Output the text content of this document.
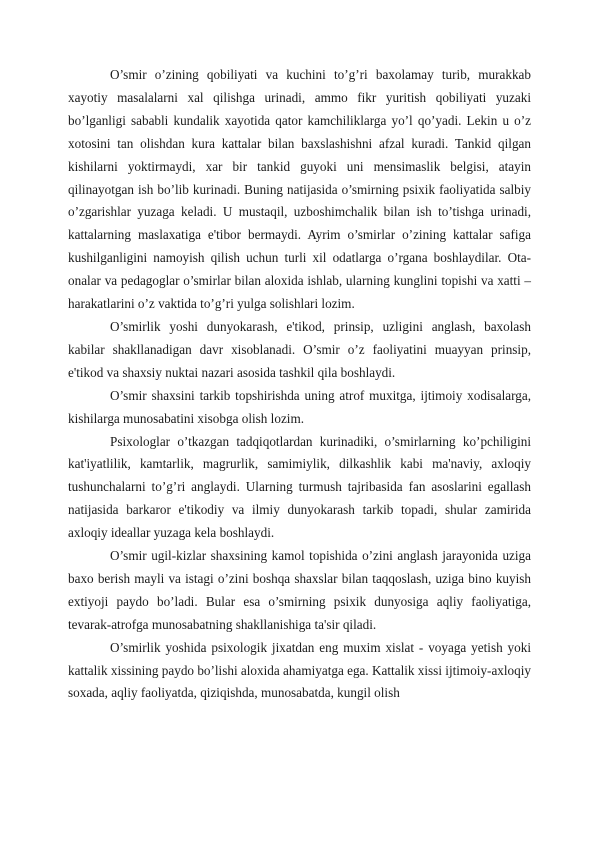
O’smir o’zining qobiliyati va kuchini to’g’ri baxolamay turib, murakkab xayotiy masalalarni xal qilishga urinadi, ammo fikr yuritish qobiliyati yuzaki bo’lganligi sababli kundalik xayotida qator kamchiliklarga yo’l qo’yadi. Lekin u o’z xotosini tan olishdan kura kattalar bilan baxslashishni afzal kuradi. Tankid qilgan kishilarni yoktirmaydi, xar bir tankid guyoki uni mensimaslik belgisi, atayin qilinayotgan ish bo’lib kurinadi. Buning natijasida o’smirning psixik faoliyatida salbiy o’zgarishlar yuzaga keladi. U mustaqil, uzboshimchalik bilan ish to’tishga urinadi, kattalarning maslaxatiga e'tibor bermaydi. Ayrim o’smirlar o’zining kattalar safiga kushilganligini namoyish qilish uchun turli xil odatlarga o’rgana boshlaydilar. Ota-onalar va pedagoglar o’smirlar bilan aloxida ishlab, ularning kunglini topishi va xatti –harakatlarini o’z vaktida to’g’ri yulga solishlari lozim.

O’smirlik yoshi dunyokarash, e'tikod, prinsip, uzligini anglash, baxolash kabilar shakllanadigan davr xisoblanadi. O’smir o’z faoliyatini muayyan prinsip, e'tikod va shaxsiy nuktai nazari asosida tashkil qila boshlaydi.

O’smir shaxsini tarkib topshirishda uning atrof muxitga, ijtimoiy xodisalarga, kishilarga munosabatini xisobga olish lozim.

Psixologlar o’tkazgan tadqiqotlardan kurinadiki, o’smirlarning ko’pchiligini kat'iyatlilik, kamtarlik, magrurlik, samimiylik, dilkashlik kabi ma'naviy, axloqiy tushunchalarni to’g’ri anglaydi. Ularning turmush tajribasida fan asoslarini egallash natijasida barkaror e'tikodiy va ilmiy dunyokarash tarkib topadi, shular zamirida axloqiy ideallar yuzaga kela boshlaydi.

O’smir ugil-kizlar shaxsining kamol topishida o’zini anglash jarayonida uziga baxo berish mayli va istagi o’zini boshqa shaxslar bilan taqqoslash, uziga bino kuyish extiyoji paydo bo’ladi. Bular esa o’smirning psixik dunyosiga aqliy faoliyatiga, tevarak-atrofga munosabatning shakllanishiga ta'sir qiladi.

O’smirlik yoshida psixologik jixatdan eng muxim xislat - voyaga yetish yoki kattalik xissining paydo bo’lishi aloxida ahamiyatga ega. Kattalik xissi ijtimoiy-axloqiy soxada, aqliy faoliyatda, qiziqishda, munosabatda, kungil olish
